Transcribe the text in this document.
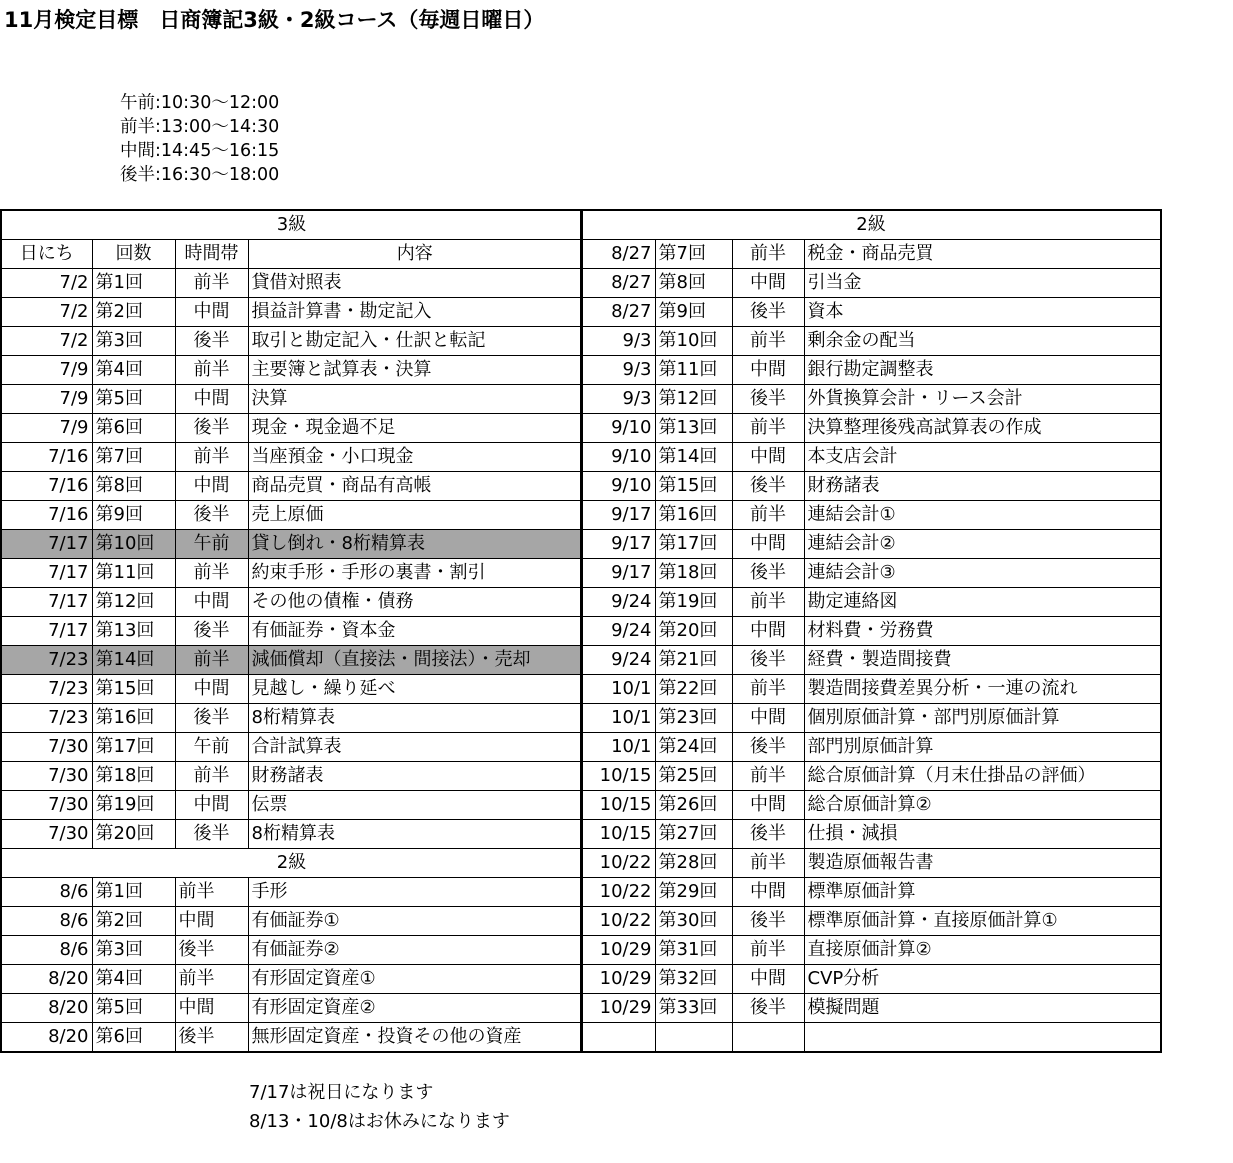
11月検定目標　日商簿記3級・2級コース（毎週日曜日）
午前:10:30～12:00
前半:13:00～14:30
中間:14:45～16:15
後半:16:30～18:00
3級			
日にち	回数	時間帯	内容
7/2	第1回	前半	貸借対照表
7/2	第2回	中間	損益計算書・勘定記入
7/2	第3回	後半	取引と勘定記入・仕訳と転記
7/9	第4回	前半	主要簿と試算表・決算
7/9	第5回	中間	決算
7/9	第6回	後半	現金・現金過不足
7/16	第7回	前半	当座預金・小口現金
7/16	第8回	中間	商品売買・商品有高帳
7/16	第9回	後半	売上原価
7/17	第10回	午前	貸し倒れ・8桁精算表
7/17	第11回	前半	約束手形・手形の裏書・割引
7/17	第12回	中間	その他の債権・債務
7/17	第13回	後半	有価証券・資本金
7/23	第14回	前半	減価償却（直接法・間接法）・売却
7/23	第15回	中間	見越し・繰り延べ
7/23	第16回	後半	8桁精算表
7/30	第17回	午前	合計試算表
7/30	第18回	前半	財務諸表
7/30	第19回	中間	伝票
7/30	第20回	後半	8桁精算表
2級			
8/6	第1回	前半	手形
8/6	第2回	中間	有価証券①
8/6	第3回	後半	有価証券②
8/20	第4回	前半	有形固定資産①
8/20	第5回	中間	有形固定資産②
8/20	第6回	後半	無形固定資産・投資その他の資産
2級			
8/27	第7回	前半	税金・商品売買
8/27	第8回	中間	引当金
8/27	第9回	後半	資本
9/3	第10回	前半	剰余金の配当
9/3	第11回	中間	銀行勘定調整表
9/3	第12回	後半	外貨換算会計・リース会計
9/10	第13回	前半	決算整理後残高試算表の作成
9/10	第14回	中間	本支店会計
9/10	第15回	後半	財務諸表
9/17	第16回	前半	連結会計①
9/17	第17回	中間	連結会計②
9/17	第18回	後半	連結会計③
9/24	第19回	前半	勘定連絡図
9/24	第20回	中間	材料費・労務費
9/24	第21回	後半	経費・製造間接費
10/1	第22回	前半	製造間接費差異分析・一連の流れ
10/1	第23回	中間	個別原価計算・部門別原価計算
10/1	第24回	後半	部門別原価計算
10/15	第25回	前半	総合原価計算（月末仕掛品の評価）
10/15	第26回	中間	総合原価計算②
10/15	第27回	後半	仕損・減損
10/22	第28回	前半	製造原価報告書
10/22	第29回	中間	標準原価計算
10/22	第30回	後半	標準原価計算・直接原価計算①
10/29	第31回	前半	直接原価計算②
10/29	第32回	中間	CVP分析
10/29	第33回	後半	模擬問題

7/17は祝日になります
8/13・10/8はお休みになります
